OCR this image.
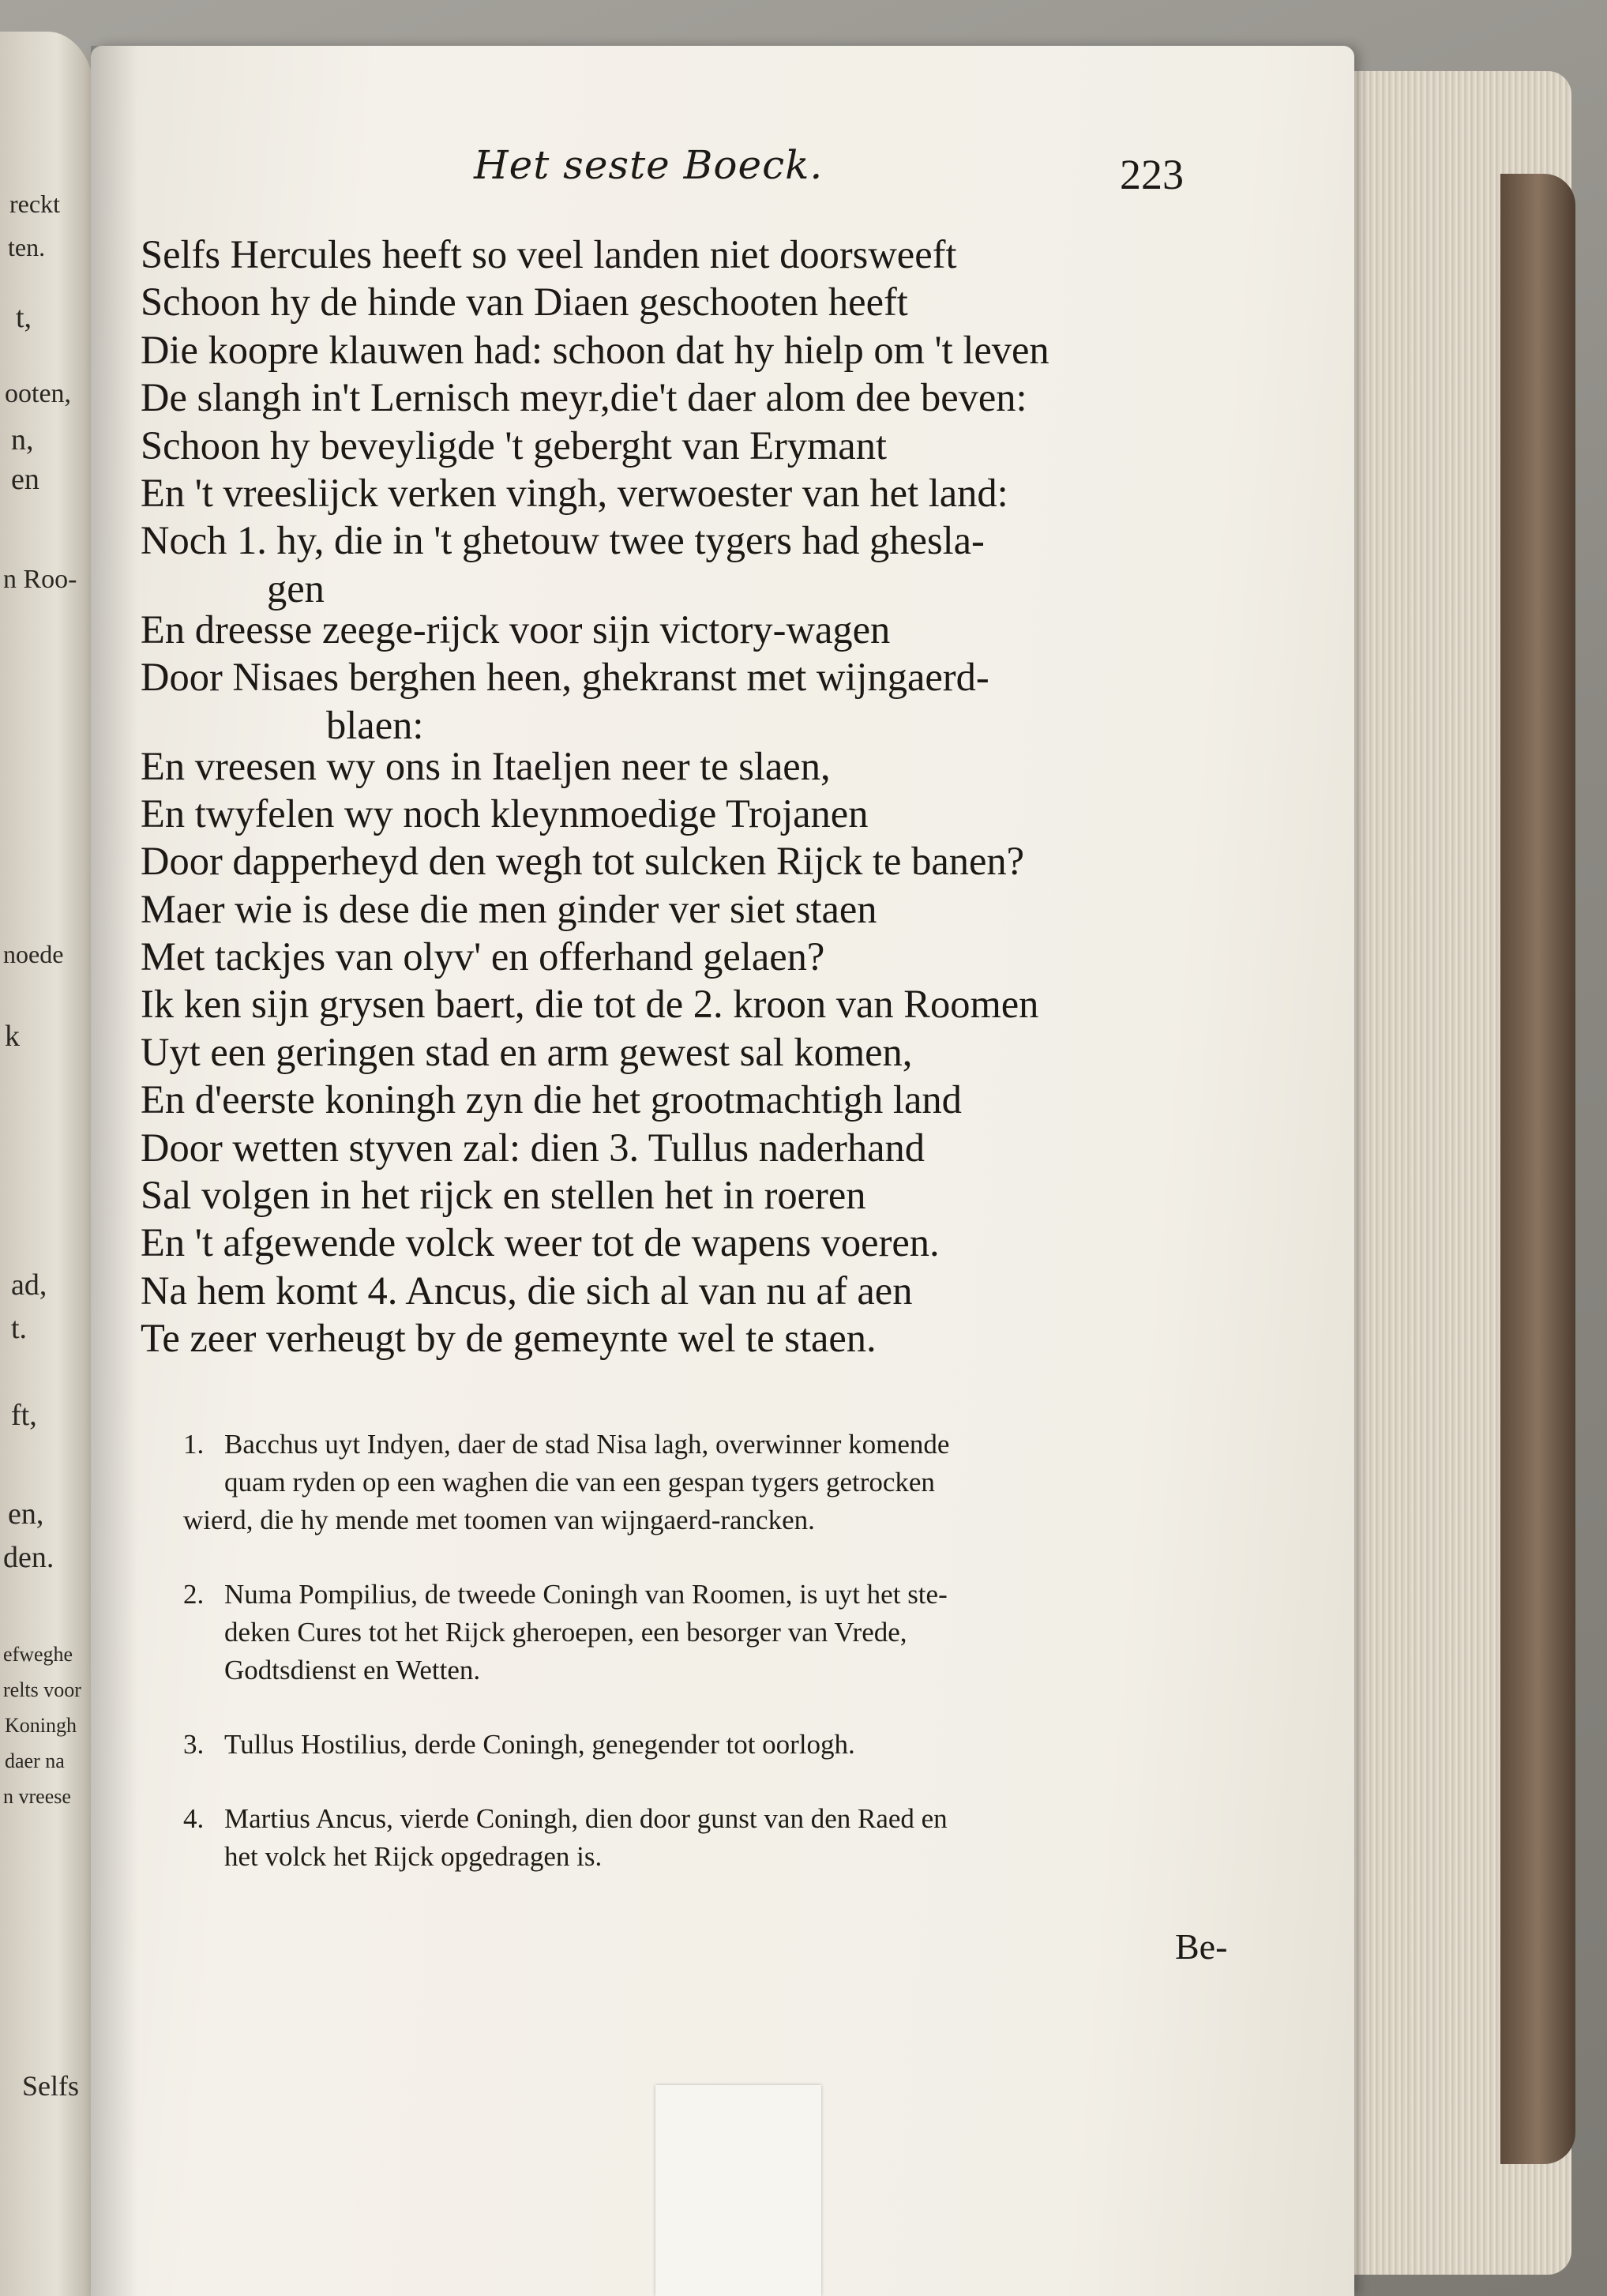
reckt
ten.
t,
ooten,
n,
en
n Roo-
noede
k
ad,
t.
ft,
en,
den.
efweghe
relts voor
Koningh
daer na
n vreese
Selfs
Het seste Boeck.	223
Selfs Hercules heeft so veel landen niet doorsweeft
Schoon hy de hinde van Diaen geschooten heeft
Die koopre klauwen had: schoon dat hy hielp om 't leven
De slangh in't Lernisch meyr,die't daer alom dee beven:
Schoon hy beveyligde 't geberght van Erymant
En 't vreeslijck verken vingh, verwoester van het land:
Noch 1. hy, die in 't ghetouw twee tygers had ghesla-
gen
En dreesse zeege-rijck voor sijn victory-wagen
Door Nisaes berghen heen, ghekranst met wijngaerd-
blaen:
En vreesen wy ons in Itaeljen neer te slaen,
En twyfelen wy noch kleynmoedige Trojanen
Door dapperheyd den wegh tot sulcken Rijck te banen?
Maer wie is dese die men ginder ver siet staen
Met tackjes van olyv' en offerhand gelaen?
Ik ken sijn grysen baert, die tot de 2. kroon van Roomen
Uyt een geringen stad en arm gewest sal komen,
En d'eerste koningh zyn die het grootmachtigh land
Door wetten styven zal: dien 3. Tullus naderhand
Sal volgen in het rijck en stellen het in roeren
En 't afgewende volck weer tot de wapens voeren.
Na hem komt 4. Ancus, die sich al van nu af aen
Te zeer verheugt by de gemeynte wel te staen.
1. Bacchus uyt Indyen, daer de stad Nisa lagh, overwinner komende
quam ryden op een waghen die van een gespan tygers getrocken
wierd, die hy mende met toomen van wijngaerd-rancken.
2. Numa Pompilius, de tweede Coningh van Roomen, is uyt het ste-
deken Cures tot het Rijck gheroepen, een besorger van Vrede,
Godtsdienst en Wetten.
3. Tullus Hostilius, derde Coningh, genegender tot oorlogh.
4. Martius Ancus, vierde Coningh, dien door gunst van den Raed en
het volck het Rijck opgedragen is.
Be-
